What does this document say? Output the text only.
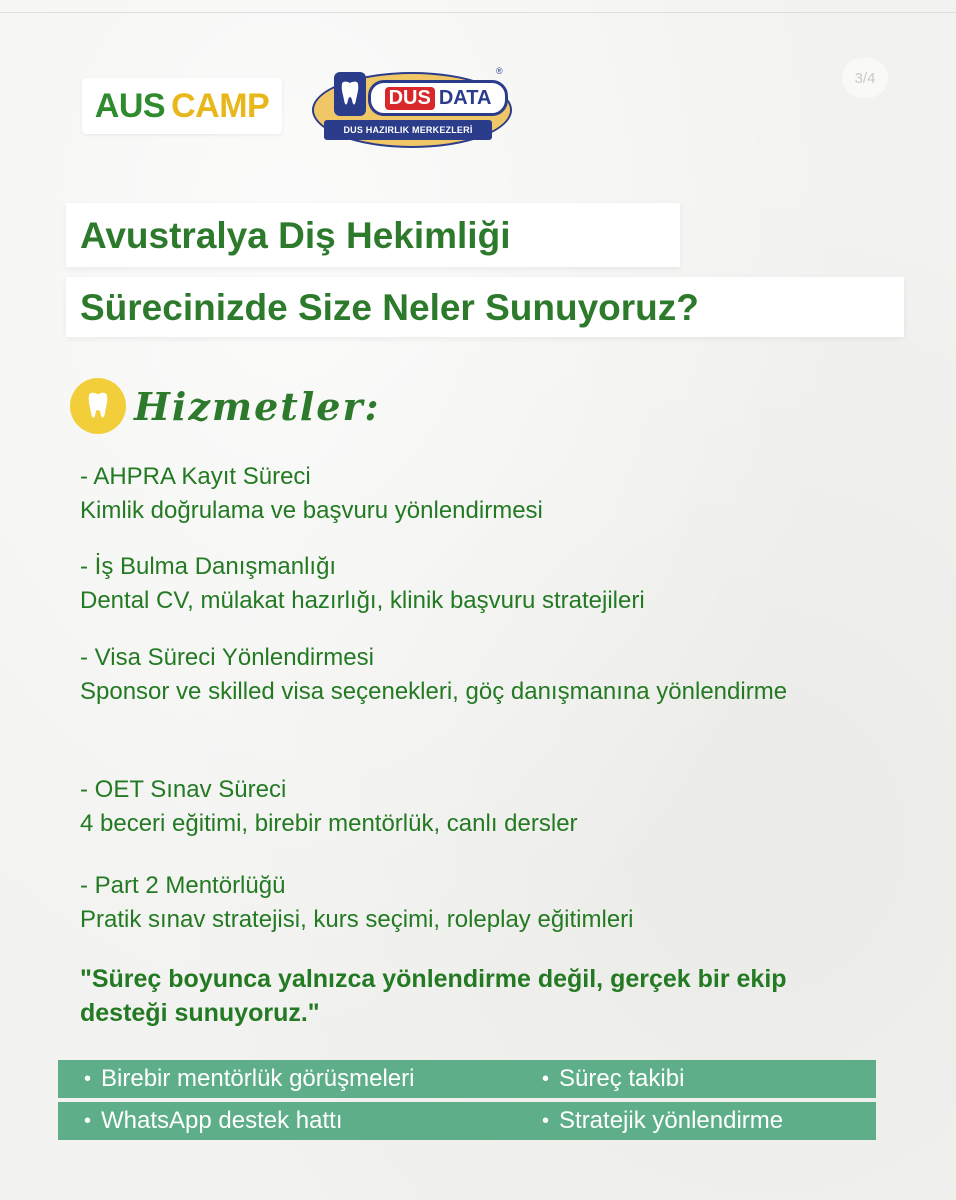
AUS CAMP	DUS DATA
®
DUS HAZIRLIK MERKEZLERİ
3/4
Avustralya Diş Hekimliği
Sürecinizde Size Neler Sunuyoruz?
Hizmetler:
- AHPRA Kayıt Süreci
Kimlik doğrulama ve başvuru yönlendirmesi
- İş Bulma Danışmanlığı
Dental CV, mülakat hazırlığı, klinik başvuru stratejileri
- Visa Süreci Yönlendirmesi
Sponsor ve skilled visa seçenekleri, göç danışmanına yönlendirme
- OET Sınav Süreci
4 beceri eğitimi, birebir mentörlük, canlı dersler
- Part 2 Mentörlüğü
Pratik sınav stratejisi, kurs seçimi, roleplay eğitimleri
"Süreç boyunca yalnızca yönlendirme değil, gerçek bir ekip desteği sunuyoruz."
• Birebir mentörlük görüşmeleri	• Süreç takibi
• WhatsApp destek hattı	• Stratejik yönlendirme
